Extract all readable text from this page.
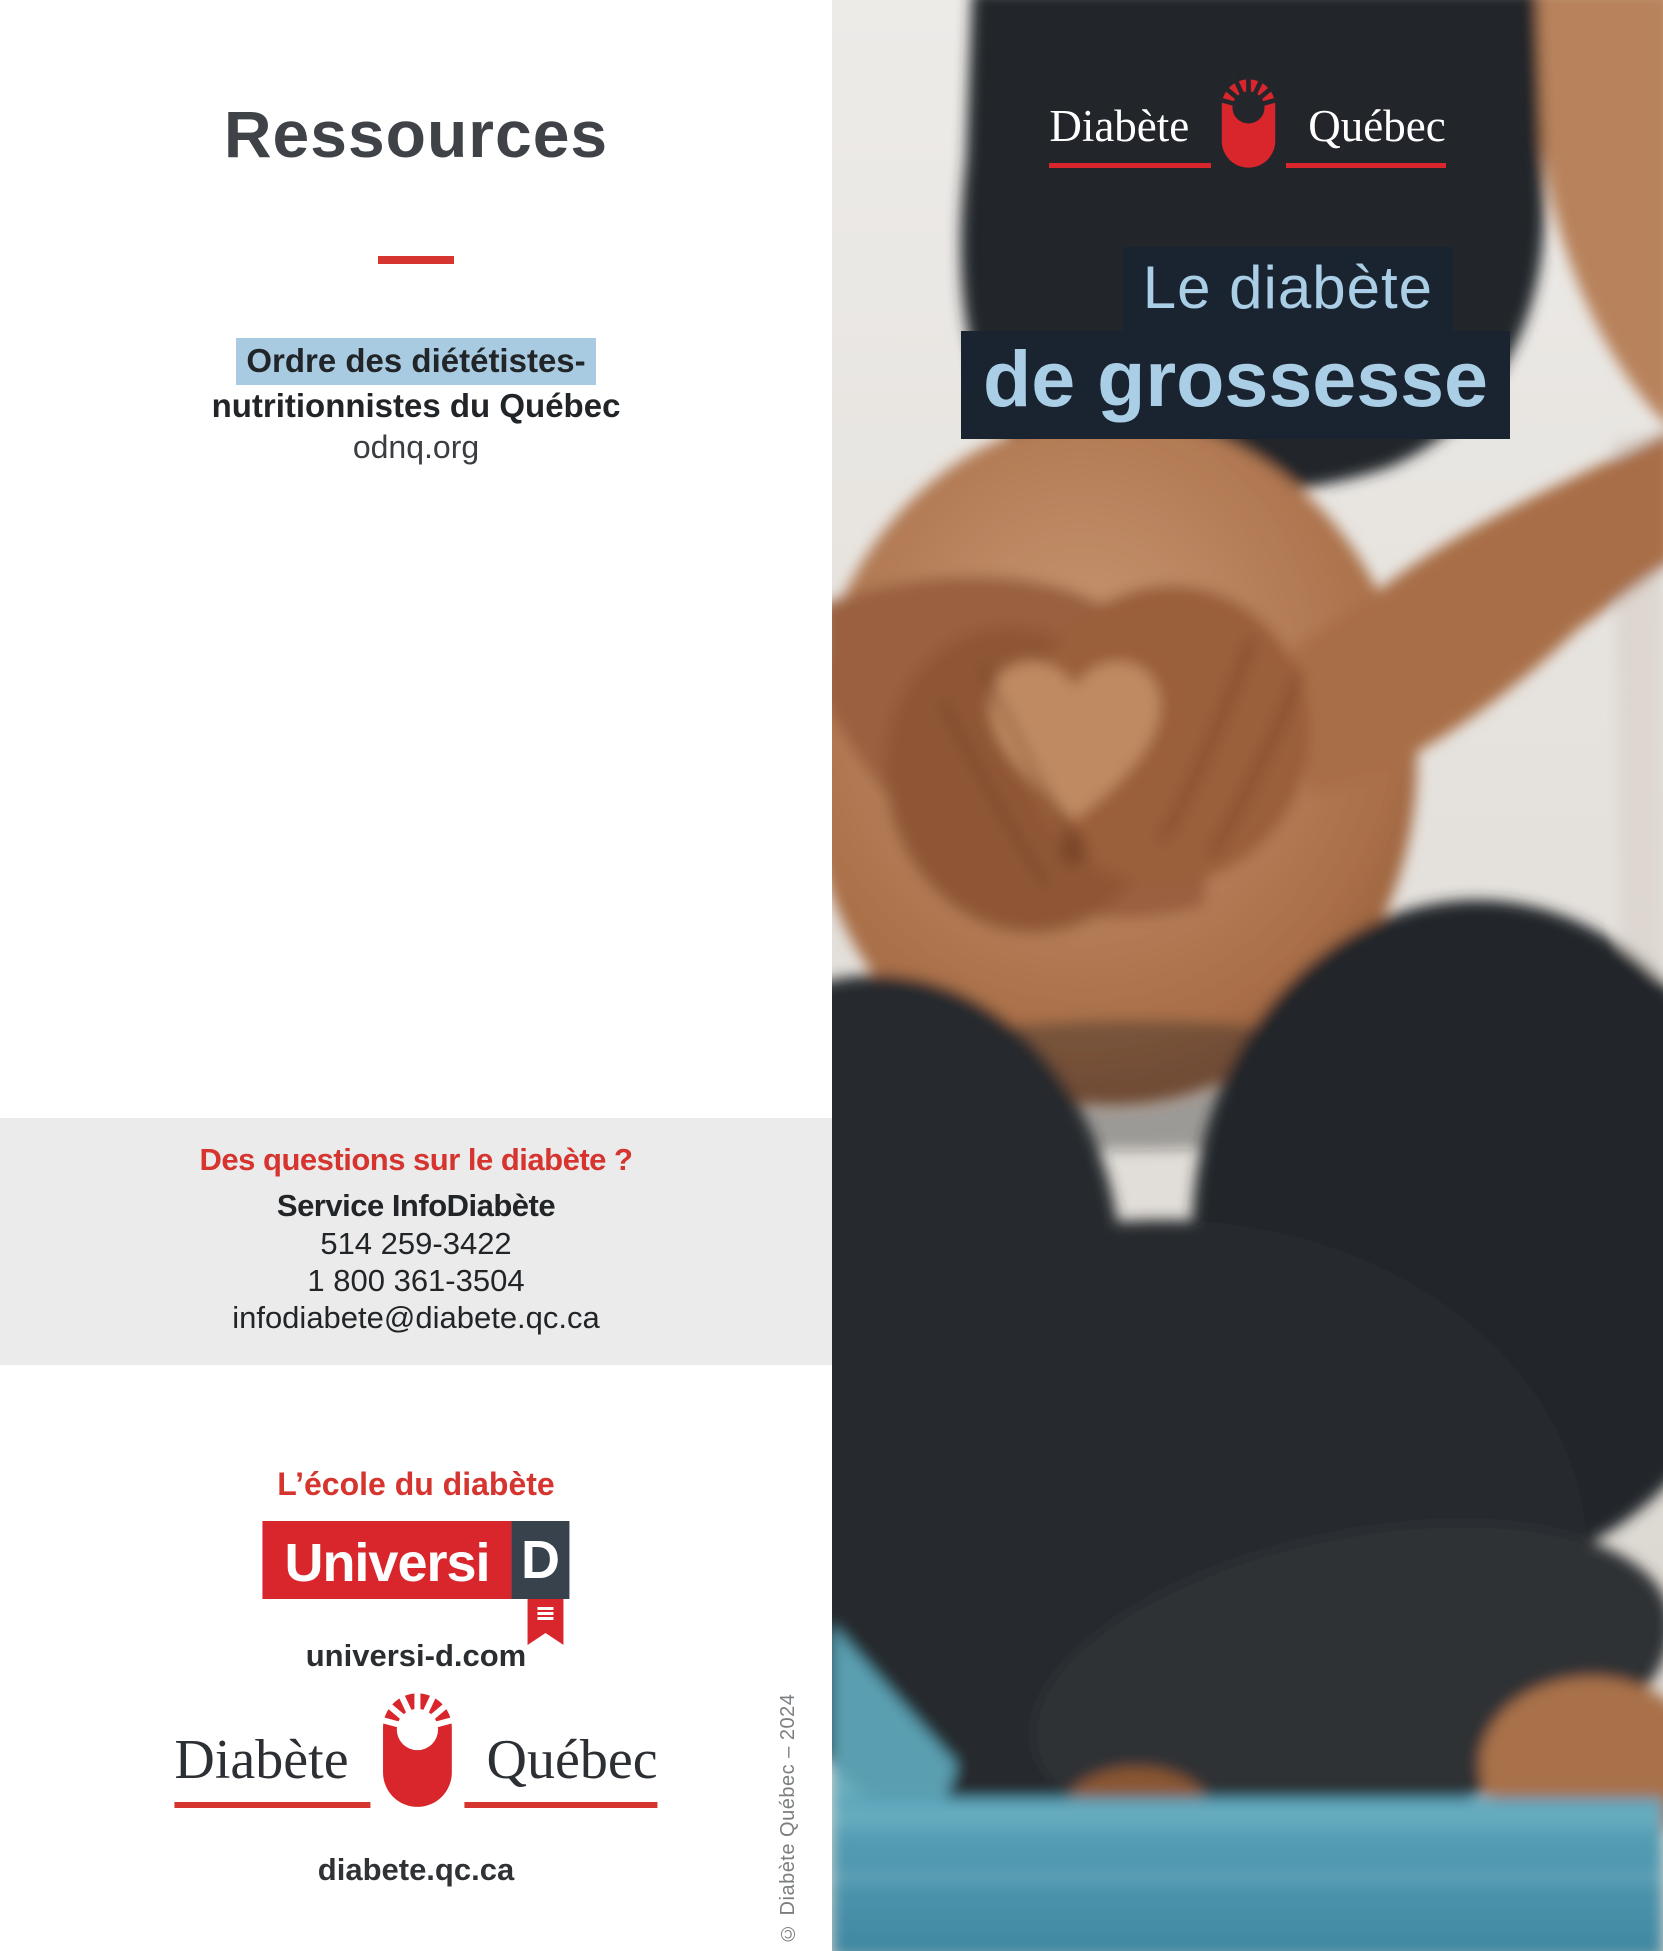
Ressources
Ordre des diététistes-
nutritionnistes du Québec
odnq.org
Des questions sur le diabète ?
Service InfoDiabète
514 259-3422
1 800 361-3504
infodiabete@diabete.qc.ca
L’école du diabète
Universi D
universi-d.com
Diabète	Québec
diabete.qc.ca	© Diabète Québec – 2024
Diabète	Québec
Le diabète
de grossesse
